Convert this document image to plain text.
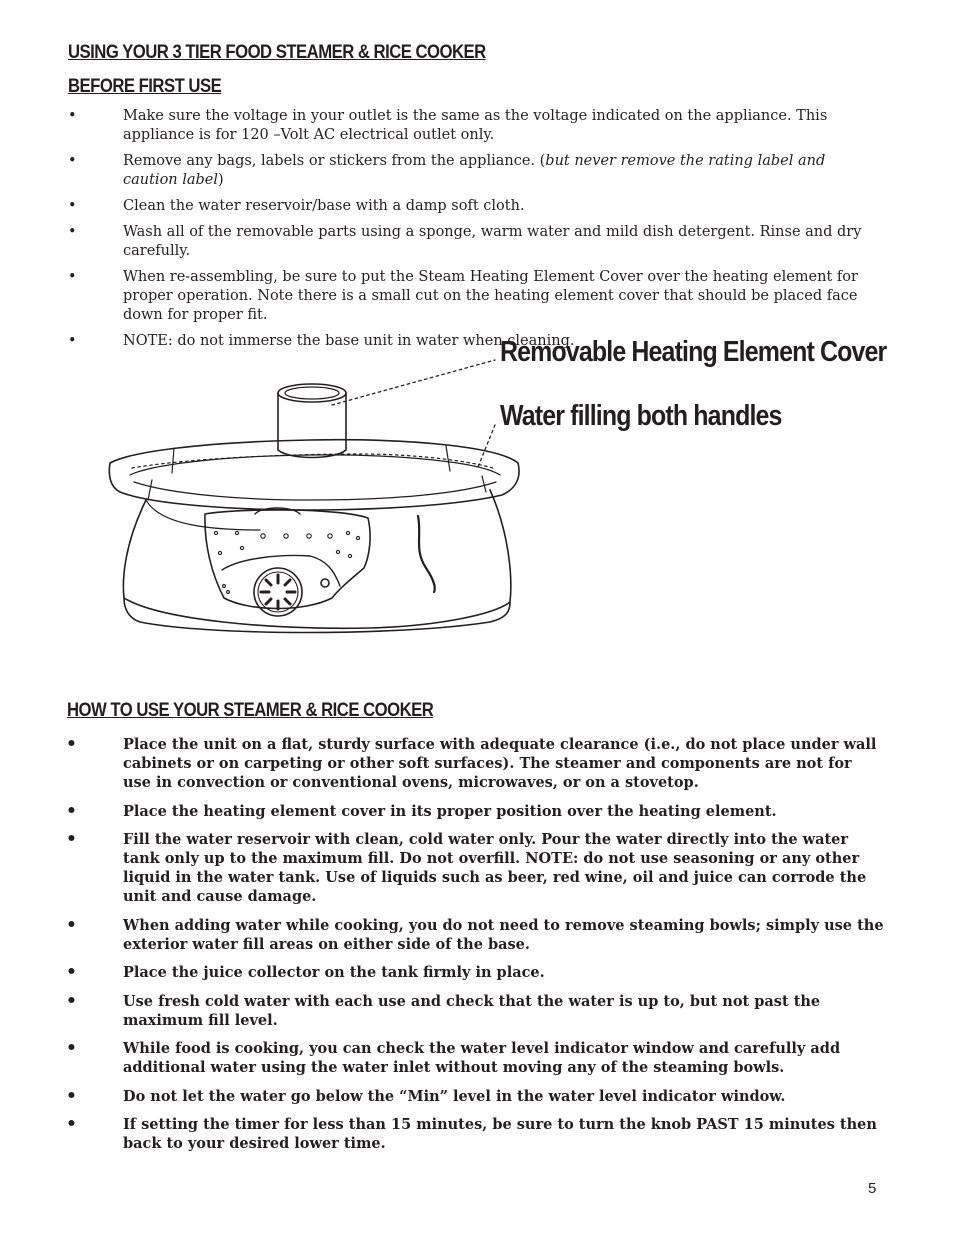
USING YOUR 3 TIER FOOD STEAMER & RICE COOKER
BEFORE FIRST USE
• Make sure the voltage in your outlet is the same as the voltage indicated on the appliance. This appliance is for 120 –Volt AC electrical outlet only.
• Remove any bags, labels or stickers from the appliance. (but never remove the rating label and caution label)
• Clean the water reservoir/base with a damp soft cloth.
• Wash all of the removable parts using a sponge, warm water and mild dish detergent. Rinse and dry carefully.
• When re-assembling, be sure to put the Steam Heating Element Cover over the heating element for proper operation. Note there is a small cut on the heating element cover that should be placed face down for proper fit.
• NOTE: do not immerse the base unit in water when cleaning.
Removable Heating Element Cover
Water filling both handles
HOW TO USE YOUR STEAMER & RICE COOKER
• Place the unit on a flat, sturdy surface with adequate clearance (i.e., do not place under wall cabinets or on carpeting or other soft surfaces). The steamer and components are not for use in convection or conventional ovens, microwaves, or on a stovetop.
• Place the heating element cover in its proper position over the heating element.
• Fill the water reservoir with clean, cold water only. Pour the water directly into the water tank only up to the maximum fill. Do not overfill. NOTE: do not use seasoning or any other liquid in the water tank. Use of liquids such as beer, red wine, oil and juice can corrode the unit and cause damage.
• When adding water while cooking, you do not need to remove steaming bowls; simply use the exterior water fill areas on either side of the base.
• Place the juice collector on the tank firmly in place.
• Use fresh cold water with each use and check that the water is up to, but not past the maximum fill level.
• While food is cooking, you can check the water level indicator window and carefully add additional water using the water inlet without moving any of the steaming bowls.
• Do not let the water go below the “Min” level in the water level indicator window.
• If setting the timer for less than 15 minutes, be sure to turn the knob PAST 15 minutes then back to your desired lower time.
5
